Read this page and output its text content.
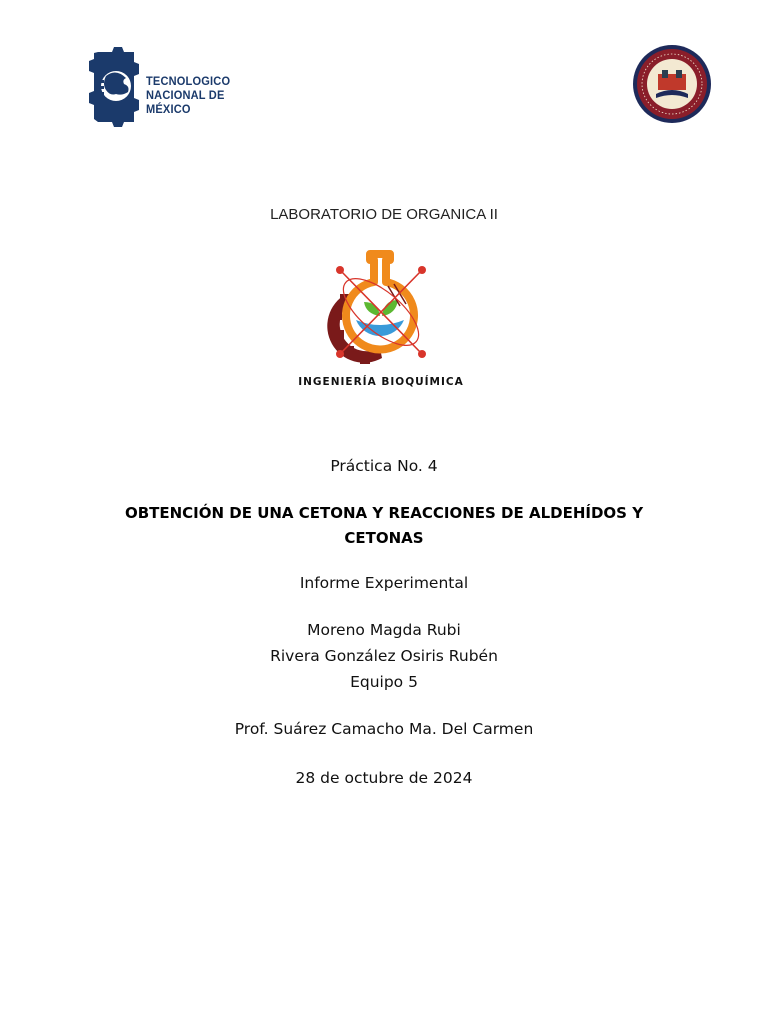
TECNOLOGICO
NACIONAL DE MÉXICO
LABORATORIO DE ORGANICA II
INGENIERÍA BIOQUÍMICA
Práctica No. 4
OBTENCIÓN DE UNA CETONA Y REACCIONES DE ALDEHÍDOS Y
CETONAS
Informe Experimental
Moreno Magda Rubi
Rivera González Osiris Rubén
Equipo 5
Prof. Suárez Camacho Ma. Del Carmen
28 de octubre de 2024
